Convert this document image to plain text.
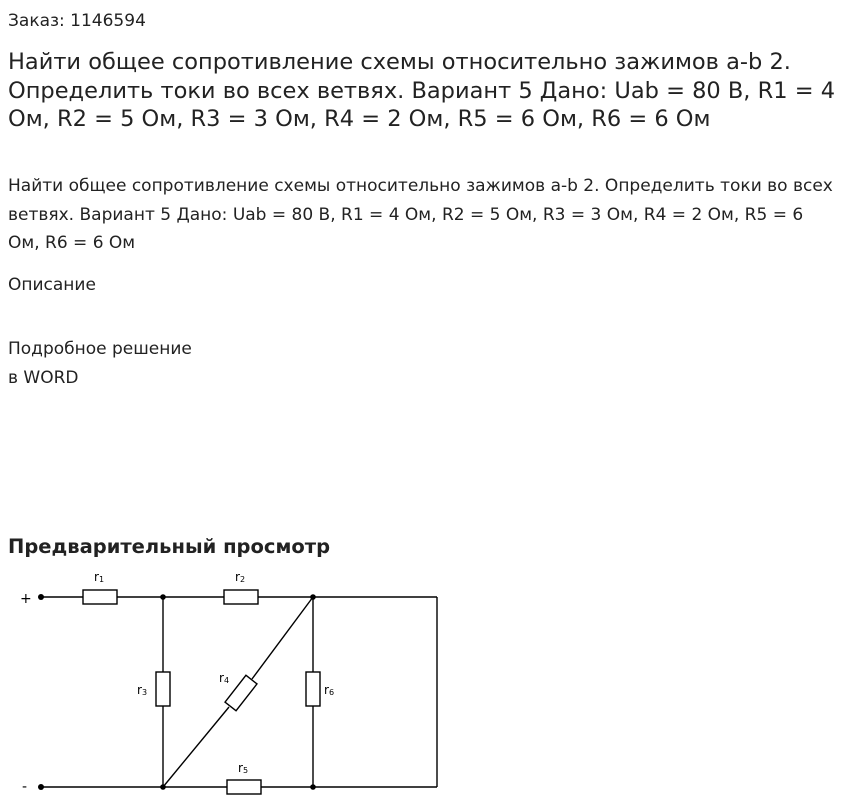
Заказ: 1146594
Найти общее сопротивление схемы относительно зажимов a-b 2. Определить токи во всех ветвях. Вариант 5 Дано: Uab = 80 В, R1 = 4 Ом, R2 = 5 Ом, R3 = 3 Ом, R4 = 2 Ом, R5 = 6 Ом, R6 = 6 Ом
Найти общее сопротивление схемы относительно зажимов a-b 2. Определить токи во всех ветвях. Вариант 5 Дано: Uab = 80 В, R1 = 4 Ом, R2 = 5 Ом, R3 = 3 Ом, R4 = 2 Ом, R5 = 6 Ом, R6 = 6 Ом
Описание
Подробное решение
в WORD
Предварительный просмотр
+
-
r1	r2
r3
r4
r5
r6
